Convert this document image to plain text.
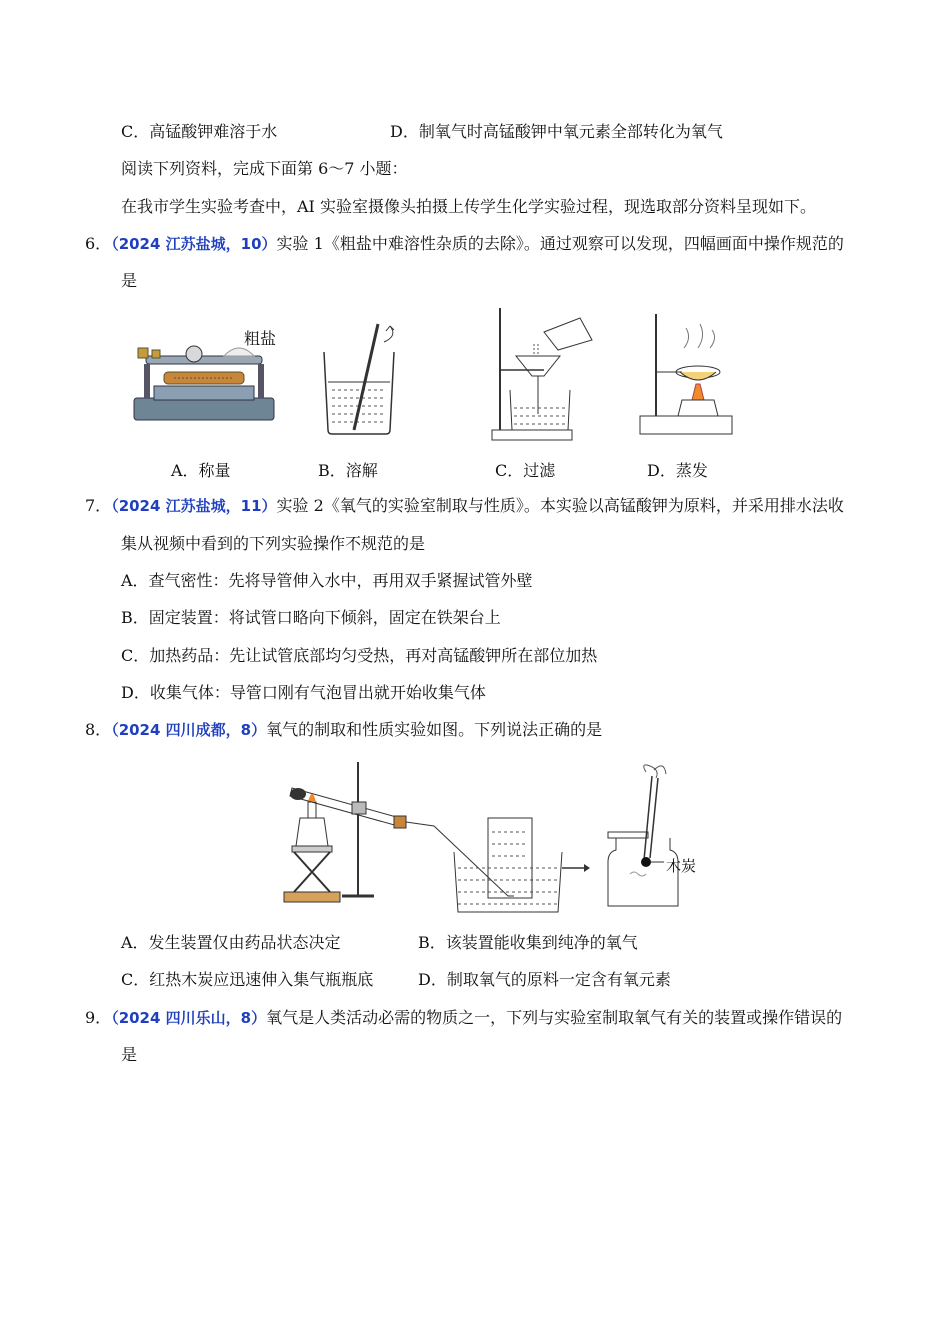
C．高锰酸钾难溶于水	D．制氧气时高锰酸钾中氧元素全部转化为氧气
阅读下列资料，完成下面第 6～7 小题：
在我市学生实验考查中，AI 实验室摄像头拍摄上传学生化学实验过程，现选取部分资料呈现如下。
6．（2024 江苏盐城，10）实验 1《粗盐中难溶性杂质的去除》。通过观察可以发现，四幅画面中操作规范的
是
粗盐
A．称量	B．溶解	C．过滤	D．蒸发
7．（2024 江苏盐城，11）实验 2《氧气的实验室制取与性质》。本实验以高锰酸钾为原料，并采用排水法收
集从视频中看到的下列实验操作不规范的是
A．查气密性：先将导管伸入水中，再用双手紧握试管外壁
B．固定装置：将试管口略向下倾斜，固定在铁架台上
C．加热药品：先让试管底部均匀受热，再对高锰酸钾所在部位加热
D．收集气体：导管口刚有气泡冒出就开始收集气体
8．（2024 四川成都，8）氧气的制取和性质实验如图。下列说法正确的是
木炭
A．发生装置仅由药品状态决定	B．该装置能收集到纯净的氧气
C．红热木炭应迅速伸入集气瓶瓶底	D．制取氧气的原料一定含有氧元素
9．（2024 四川乐山，8）氧气是人类活动必需的物质之一，下列与实验室制取氧气有关的装置或操作错误的
是
